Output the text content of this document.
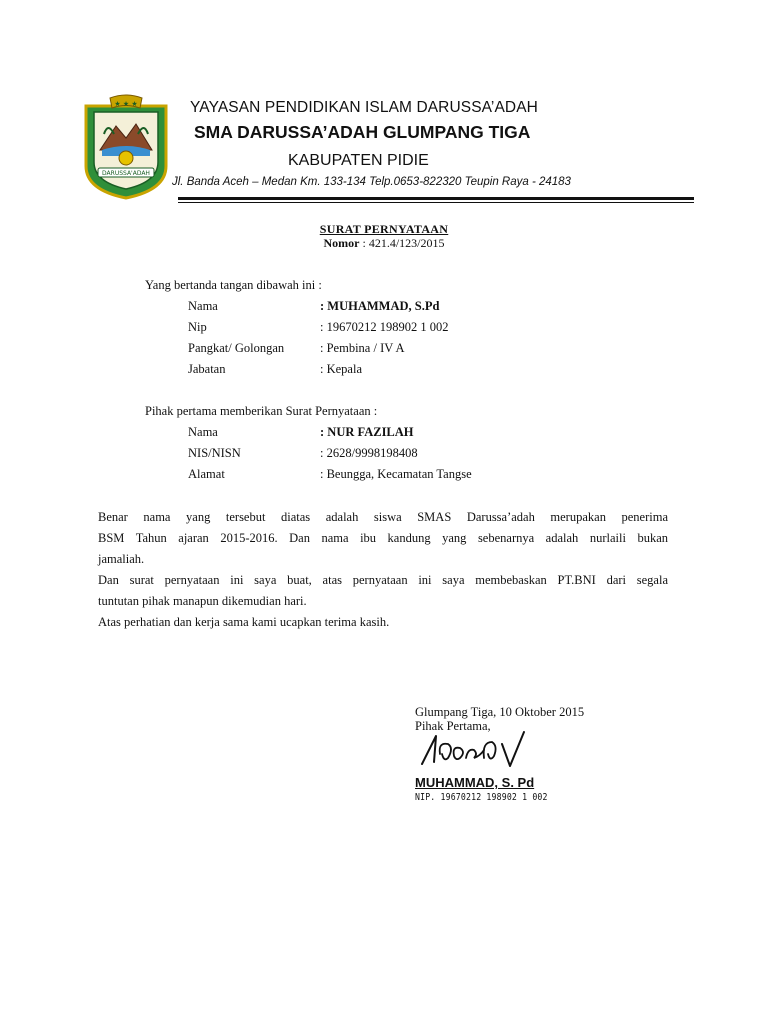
★ ★ ★
DARUSSA'ADAH
YAYASAN PENDIDIKAN ISLAM DARUSSA’ADAH
SMA DARUSSA’ADAH GLUMPANG TIGA
KABUPATEN PIDIE
Jl. Banda Aceh – Medan Km. 133-134 Telp.0653-822320 Teupin Raya - 24183
SURAT PERNYATAAN
Nomor : 421.4/123/2015
Yang bertanda tangan dibawah ini :
Nama	: MUHAMMAD, S.Pd
Nip	: 19670212 198902 1 002
Pangkat/ Golongan	: Pembina / IV A
Jabatan	: Kepala
Pihak pertama memberikan Surat Pernyataan :
Nama	: NUR FAZILAH
NIS/NISN	: 2628/9998198408
Alamat	: Beungga, Kecamatan Tangse
Benar nama yang tersebut diatas adalah siswa SMAS Darussa’adah merupakan penerima
BSM Tahun ajaran 2015-2016. Dan nama ibu kandung yang sebenarnya adalah nurlaili bukan
jamaliah.
Dan surat pernyataan ini saya buat, atas pernyataan ini saya membebaskan PT.BNI dari segala
tuntutan pihak manapun dikemudian hari.
Atas perhatian dan kerja sama kami ucapkan terima kasih.
Glumpang Tiga, 10 Oktober 2015
Pihak Pertama,
MUHAMMAD, S. Pd
NIP. 19670212 198902 1 002
